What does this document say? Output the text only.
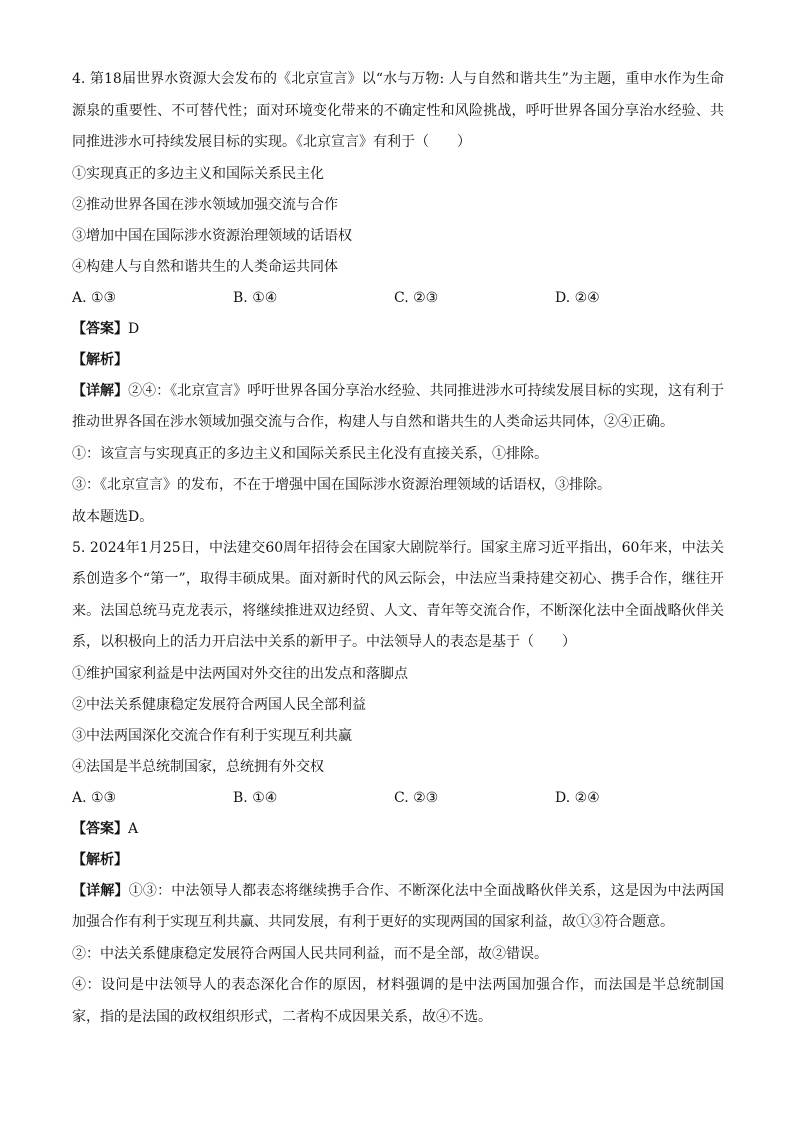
4. 第18届世界水资源大会发布的《北京宣言》以“水与万物: 人与自然和谐共生”为主题，重申水作为生命源泉的重要性、不可替代性；面对环境变化带来的不确定性和风险挑战，呼吁世界各国分享治水经验、共同推进涉水可持续发展目标的实现。《北京宣言》有利于（　　）

①实现真正的多边主义和国际关系民主化

②推动世界各国在涉水领域加强交流与合作

③增加中国在国际涉水资源治理领域的话语权

④构建人与自然和谐共生的人类命运共同体

A. ①③	B. ①④	C. ②③	D. ②④

【答案】D

【解析】

【详解】②④：《北京宣言》呼吁世界各国分享治水经验、共同推进涉水可持续发展目标的实现，这有利于推动世界各国在涉水领域加强交流与合作，构建人与自然和谐共生的人类命运共同体，②④正确。

①：该宣言与实现真正的多边主义和国际关系民主化没有直接关系，①排除。

③：《北京宣言》的发布，不在于增强中国在国际涉水资源治理领域的话语权，③排除。

故本题选D。

5. 2024年1月25日，中法建交60周年招待会在国家大剧院举行。国家主席习近平指出，60年来，中法关系创造多个“第一”，取得丰硕成果。面对新时代的风云际会，中法应当秉持建交初心、携手合作，继往开来。法国总统马克龙表示，将继续推进双边经贸、人文、青年等交流合作，不断深化法中全面战略伙伴关系，以积极向上的活力开启法中关系的新甲子。中法领导人的表态是基于（　　）

①维护国家利益是中法两国对外交往的出发点和落脚点

②中法关系健康稳定发展符合两国人民全部利益

③中法两国深化交流合作有利于实现互利共赢

④法国是半总统制国家，总统拥有外交权

A. ①③	B. ①④	C. ②③	D. ②④

【答案】A

【解析】

【详解】①③：中法领导人都表态将继续携手合作、不断深化法中全面战略伙伴关系，这是因为中法两国加强合作有利于实现互利共赢、共同发展，有利于更好的实现两国的国家利益，故①③符合题意。

②：中法关系健康稳定发展符合两国人民共同利益，而不是全部，故②错误。

④：设问是中法领导人的表态深化合作的原因，材料强调的是中法两国加强合作，而法国是半总统制国家，指的是法国的政权组织形式，二者构不成因果关系，故④不选。
